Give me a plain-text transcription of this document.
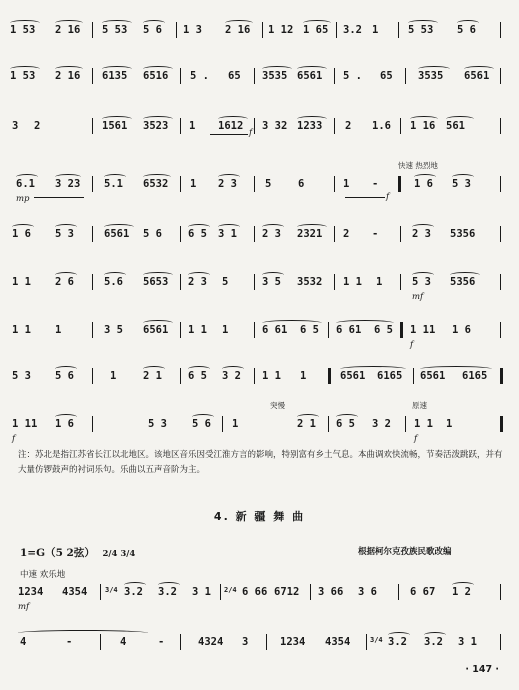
1 53 2 16 5 53 5 6 1 3 2 16 1 12 1 65 3.2 1	5 53 5 6
1 53 2 16 6135 6516 5 . 65 3535 6561 5 . 65 3535 6561
3 2	1561 3523 1 1612 3 32 1233 2 1.6 1 16 561
f
快速 热烈地
6.1 3 23 5.1 6532 1 2 3	5	6	1 -	1 6 5 3
mp	f
1 6 5 3	6561 5 6 6 5 3 1 2 3 2321 2 -	2 3 5356
1 1 2 6	5.6 5653 2 3 5	3 5 3532 1 1 1	5 3 5356
mf
1 1 1	3 5 6561 1 1 1	6 61 6 5 6 61 6 5 1 11 1 6
f
5 3 5 6	1	2 1 6 5 3 2 1 1 1	6561 6165 6561 6165
突慢	原速
1 11 1 6	5 3 5 6 1	2 1 6 5 3 2 1 1 1
f	f
注：苏北是指江苏省长江以北地区。该地区音乐因受江淮方言的影响，特别富有乡土气息。本曲调欢快流畅，节奏活泼跳跃，并有大量仿锣鼓声的衬词乐句。乐曲以五声音阶为主。
4. 新 疆 舞 曲
1=G（5 2弦） 2/4 3/4	根据柯尔克孜族民歌改编
中速 欢乐地
1234 4354	3/4 3.2 3.2 3 1 2/4 6 66 6712 3 66 3 6	6 67 1 2
mf
4	-	4	-	4324 3	1234 4354	3/4 3.2 3.2 3 1
· 147 ·
